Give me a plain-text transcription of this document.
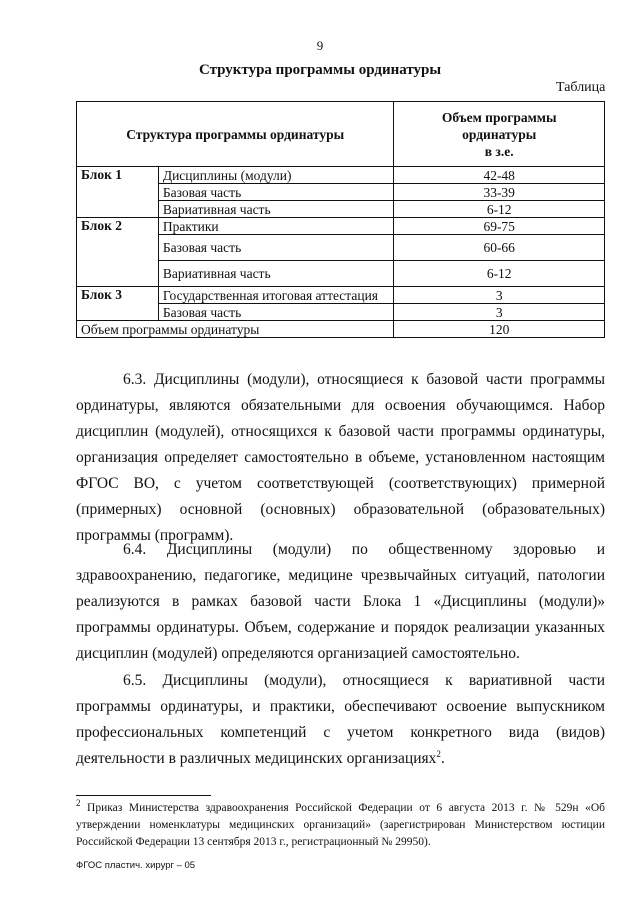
9
Структура программы ординатуры
Таблица
Структура программы ординатуры		Объем программы
ординатуры
в з.е.
Блок 1	Дисциплины (модули)	42-48
	Базовая часть	33-39
	Вариативная часть	6-12
Блок 2	Практики	69-75
	Базовая часть	60-66
	Вариативная часть	6-12
Блок 3	Государственная итоговая аттестация	3
	Базовая часть	3
Объем программы ординатуры		120

6.3. Дисциплины (модули), относящиеся к базовой части программы ординатуры, являются обязательными для освоения обучающимся. Набор дисциплин (модулей), относящихся к базовой части программы ординатуры, организация определяет самостоятельно в объеме, установленном настоящим ФГОС ВО, с учетом соответствующей (соответствующих) примерной (примерных) основной (основных) образовательной (образовательных) программы (программ).

6.4. Дисциплины (модули) по общественному здоровью и здравоохранению, педагогике, медицине чрезвычайных ситуаций, патологии реализуются в рамках базовой части Блока 1 «Дисциплины (модули)» программы ординатуры. Объем, содержание и порядок реализации указанных дисциплин (модулей) определяются организацией самостоятельно.

6.5. Дисциплины (модули), относящиеся к вариативной части программы ординатуры, и практики, обеспечивают освоение выпускником профессиональных компетенций с учетом конкретного вида (видов) деятельности в различных медицинских организациях$^2$.

$^2$ Приказ Министерства здравоохранения Российской Федерации от 6 августа 2013 г. № 529н «Об утверждении номенклатуры медицинских организаций» (зарегистрирован Министерством юстиции Российской Федерации 13 сентября 2013 г., регистрационный № 29950).
ФГОС пластич. хирург – 05
